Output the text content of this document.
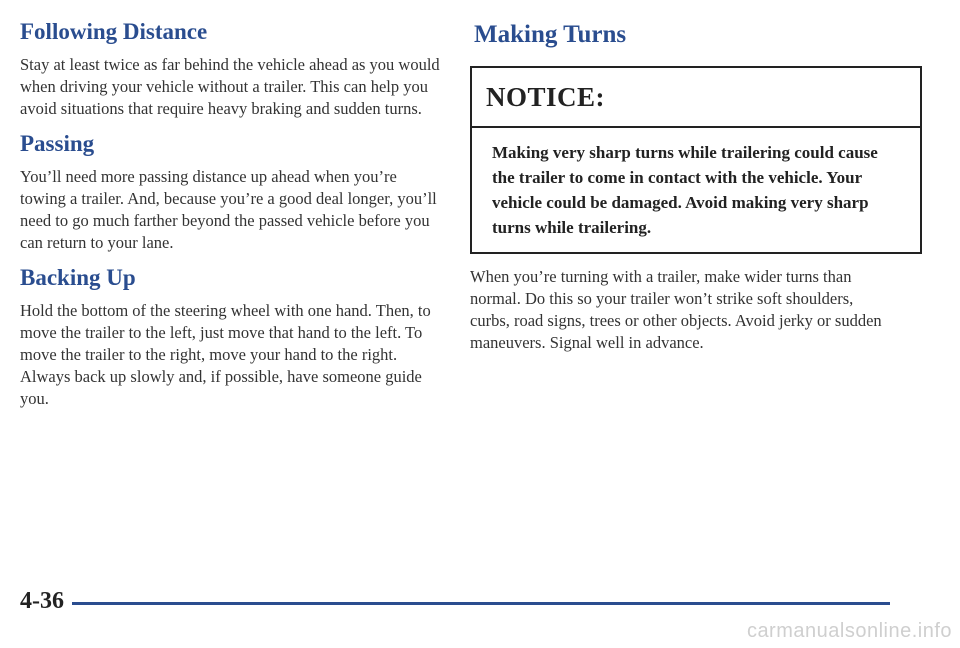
Following Distance

Stay at least twice as far behind the vehicle ahead as you would when driving your vehicle without a trailer. This can help you avoid situations that require heavy braking and sudden turns.

Passing

You’ll need more passing distance up ahead when you’re towing a trailer. And, because you’re a good deal longer, you’ll need to go much farther beyond the passed vehicle before you can return to your lane.

Backing Up

Hold the bottom of the steering wheel with one hand. Then, to move the trailer to the left, just move that hand to the left. To move the trailer to the right, move your hand to the right. Always back up slowly and, if possible, have someone guide you.

Making Turns
NOTICE:

Making very sharp turns while trailering could cause the trailer to come in contact with the vehicle. Your vehicle could be damaged. Avoid making very sharp turns while trailering.

When you’re turning with a trailer, make wider turns than normal. Do this so your trailer won’t strike soft shoulders, curbs, road signs, trees or other objects. Avoid jerky or sudden maneuvers. Signal well in advance.

4-36
carmanualsonline.info
